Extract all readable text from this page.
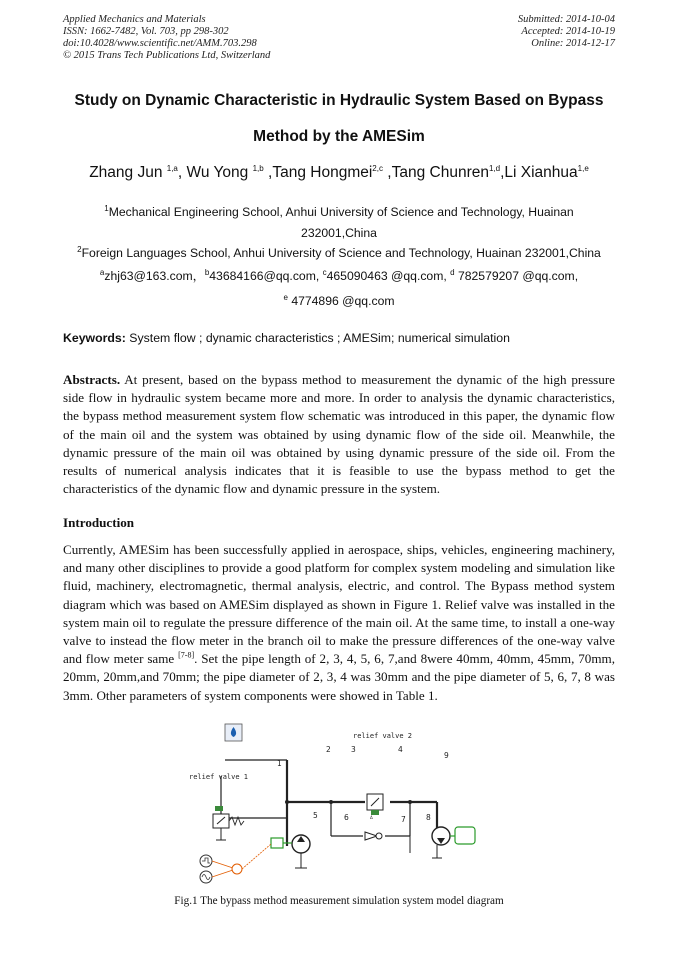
Applied Mechanics and Materials
ISSN: 1662-7482, Vol. 703, pp 298-302
doi:10.4028/www.scientific.net/AMM.703.298
© 2015 Trans Tech Publications Ltd, Switzerland
Submitted: 2014-10-04
Accepted: 2014-10-19
Online: 2014-12-17
Study on Dynamic Characteristic in Hydraulic System Based on Bypass
Method by the AMESim
Zhang Jun $^{1,a}$, Wu Yong $^{1,b}$ ,Tang Hongmei$^{2,c}$ ,Tang Chunren$^{1,d}$,Li Xianhua$^{1,e}$
$^1$Mechanical Engineering School, Anhui University of Science and Technology, Huainan
232001,China
$^2$Foreign Languages School, Anhui University of Science and Technology, Huainan 232001,China
$^a$zhj63@163.com，$^b$43684166@qq.com, $^c$465090463 @qq.com, $^d$ 782579207 @qq.com,
$^e$ 4774896 @qq.com
Keywords: System flow ; dynamic characteristics ; AMESim; numerical simulation
Abstracts. At present, based on the bypass method to measurement the dynamic of the high pressure side flow in hydraulic system became more and more. In order to analysis the dynamic characteristics, the bypass method measurement system flow schematic was introduced in this paper, the dynamic flow of the main oil and the system was obtained by using dynamic flow of the side oil. Meanwhile, the dynamic pressure of the main oil was obtained by using dynamic pressure of the side oil. From the results of numerical analysis indicates that it is feasible to use the bypass method to get the characteristics of the dynamic flow and dynamic pressure in the system.
Introduction
Currently, AMESim has been successfully applied in aerospace, ships, vehicles, engineering machinery, and many other disciplines to provide a good platform for complex system modeling and simulation like fluid, machinery, electromagnetic, thermal analysis, electric, and control. The Bypass method system diagram which was based on AMESim displayed as shown in Figure 1. Relief valve was installed in the system main oil to regulate the pressure difference of the main oil. At the same time, to install a one-way valve to instead the flow meter in the branch oil to make the pressure differences of the one-way valve and flow meter same [7-8]. Set the pipe length of 2, 3, 4, 5, 6, 7,and 8were 40mm, 40mm, 45mm, 70mm, 20mm, 20mm,and 70mm; the pipe diameter of 2, 3, 4 was 30mm and the pipe diameter of 5, 6, 7, 8 was 3mm. Other parameters of system components were showed in Table 1.
Δ
relief valve 1
relief valve 2
1
2	3	4
5	6	7	8
9
Fig.1 The bypass method measurement simulation system model diagram
